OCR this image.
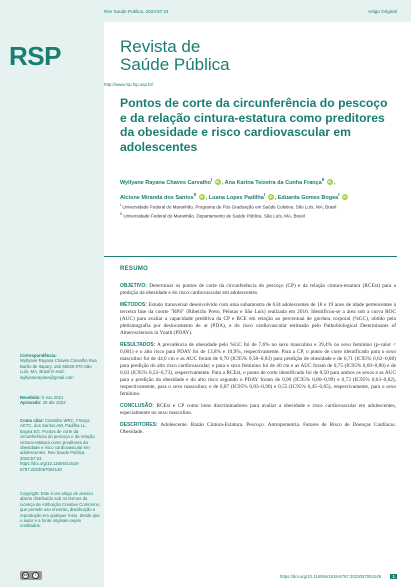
Rev Saude Publica. 2023;57:24	Artigo Original
RSP
Correspondência:
Wyllyane Rayana Chaves Carvalho Rua Barão de Itapary, 155 65020-070 São Luís, MA, Brasil E-mail: wyllyanerayana@gmail.com
Recebido: 5 nov 2021
Aprovado: 25 abr 2022
Como citar: Carvalho WRC, França AKTC, dos Santos AM, Padilha LL, Bogea EG. Pontos de corte da circunferência do pescoço e da relação cintura-estatura como preditores da obesidade e risco cardiovascular em adolescentes. Rev Saude Publica. 2023;57:24. https://doi.org/10.11606/s1518-8787.2023057004149
Copyright: Este é um artigo de acesso aberto distribuído sob os termos da Licença de Atribuição Creative Commons, que permite uso irrestrito, distribuição e reprodução em qualquer meio, desde que o autor e a fonte originais sejam creditados.
cc	i
http://www.rsp.fsp.usp.br/
Revista de
Saúde Pública
Pontos de corte da circunferência do pescoço e da relação cintura-estatura como preditores da obesidade e risco cardiovascular em adolescentes
Wyllyane Rayana Chaves Carvalho$^I$ iD , Ana Karina Teixeira da Cunha França$^{II}$ iD , Alcione Miranda dos Santos$^{II}$ iD , Luana Lopes Padilha$^I$ iD , Eduarda Gomes Bogea$^I$ iD
$^I$ Universidade Federal do Maranhão. Programa de Pós Graduação em Saúde Coletiva. São Luís, MA, Brasil
$^{II}$ Universidade Federal do Maranhão. Departamento de Saúde Pública. São Luís, MA, Brasil
RESUMO

OBJETIVO: Determinar os pontos de corte da circunferência do pescoço (CP) e da relação cintura-estatura (RCEst) para a predição da obesidade e do risco cardiovascular em adolescentes.

MÉTODOS: Estudo transversal desenvolvido com uma subamostra de 634 adolescentes de 18 e 19 anos de idade pertencentes à terceira fase da coorte "RPS" (Ribeirão Preto, Pelotas e São Luís) realizada em 2016. Identificou-se a área sob a curva ROC (AUC) para avaliar a capacidade preditiva da CP e RCE em relação ao percentual de gordura corporal (%GC), obtido pela pletismografia por deslocamento de ar (PDA), e do risco cardiovascular estimado pelo Pathobiological Determinants of Atherosclerosis in Youth (PDAY).

RESULTADOS: A prevalência de obesidade pelo %GC foi de 7,6% no sexo masculino e 39,4% no sexo feminino (p-valor < 0,001) e o alto risco para PDAY foi de 13,8% e 10,9%, respectivamente. Para a CP, o ponto de corte identificado para o sexo masculino foi de 44,0 cm e as AUC foram de 0,70 (IC95% 0,58–0,83) para predição de obesidade e de 0,71 (IC95% 0,62–0,80) para predição do alto risco cardiovascular; e para o sexo feminino foi de 40 cm e as AUC foram de 0,75 (IC95% 0,69–0,80) e de 0,63 (IC95% 0,53–0,73), respectivamente. Para a RCEst, o ponto de corte identificado foi de 0,50 para ambos os sexos e as AUC para a predição da obesidade e do alto risco segundo o PDAY foram de 0,90 (IC95% 0,80–0,99) e 0,73 (IC95% 0,63–0,82), respectivamente, para o sexo masculino; e de 0,87 (IC95% 0,83–0,90) e 0,55 (IC95% 0,45–0,65), respectivamente, para o sexo feminino.

CONCLUSÃO: RCEst e CP como bons discriminadores para avaliar a obesidade e risco cardiovascular em adolescentes, especialmente no sexo masculino.

DESCRITORES: Adolescente. Razão Cintura-Estatura. Pescoço. Antropometria. Fatores de Risco de Doenças Cardíacas. Obesidade.

https://doi.org/10.11606/s1518-8787.2023057004149	1
